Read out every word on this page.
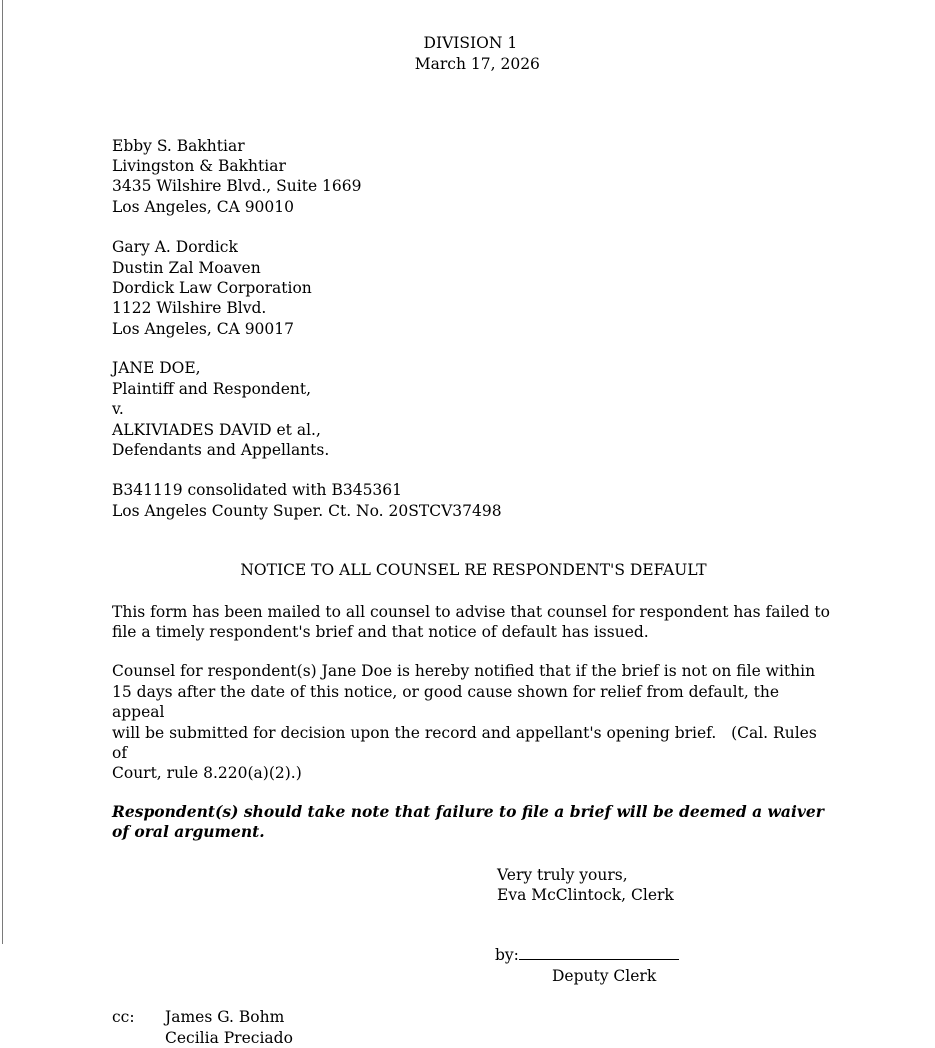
DIVISION 1
March 17, 2026

Ebby S. Bakhtiar
Livingston & Bakhtiar
3435 Wilshire Blvd., Suite 1669
Los Angeles, CA 90010
Gary A. Dordick
Dustin Zal Moaven
Dordick Law Corporation
1122 Wilshire Blvd.
Los Angeles, CA 90017
JANE DOE,
Plaintiff and Respondent,
v.
ALKIVIADES DAVID et al.,
Defendants and Appellants.
B341119 consolidated with B345361
Los Angeles County Super. Ct. No. 20STCV37498
NOTICE TO ALL COUNSEL RE RESPONDENT'S DEFAULT
This form has been mailed to all counsel to advise that counsel for respondent has failed to
file a timely respondent's brief and that notice of default has issued.
Counsel for respondent(s) Jane Doe is hereby notified that if the brief is not on file within
15 days after the date of this notice, or good cause shown for relief from default, the appeal
will be submitted for decision upon the record and appellant's opening brief.   (Cal. Rules of
Court, rule 8.220(a)(2).)
Respondent(s) should take note that failure to file a brief will be deemed a waiver
of oral argument.
Very truly yours,
Eva McClintock, Clerk
by:
Deputy Clerk
cc:	James G. Bohm
Cecilia Preciado
